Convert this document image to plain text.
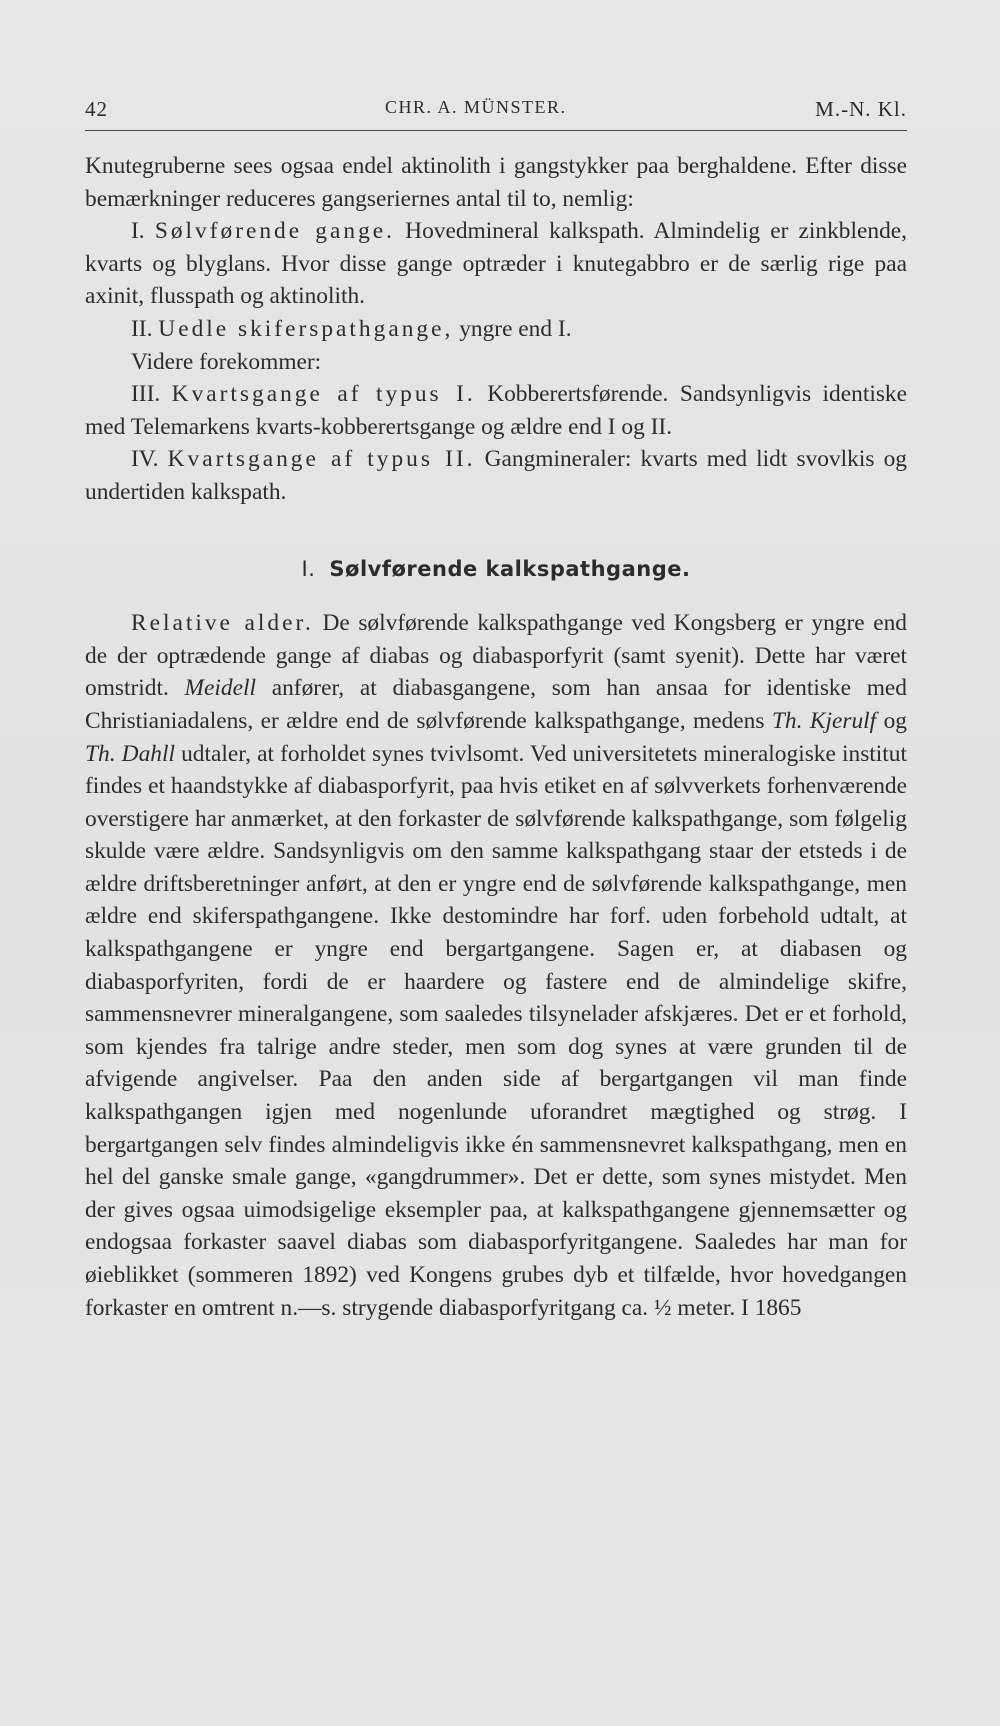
42	CHR. A. MÜNSTER.	M.-N. Kl.

Knutegruberne sees ogsaa endel aktinolith i gangstykker paa berghaldene. Efter disse bemærkninger reduceres gangseriernes antal til to, nemlig:

I. Sølvførende gange. Hovedmineral kalkspath. Almindelig er zinkblende, kvarts og blyglans. Hvor disse gange optræder i knutegabbro er de særlig rige paa axinit, flusspath og aktinolith.

II. Uedle skiferspathgange, yngre end I.

Videre forekommer:

III. Kvartsgange af typus I. Kobberertsførende. Sandsynligvis identiske med Telemarkens kvarts-kobberertsgange og ældre end I og II.

IV. Kvartsgange af typus II. Gangmineraler: kvarts med lidt svovlkis og undertiden kalkspath.

I. Sølvførende kalkspathgange.

Relative alder. De sølvførende kalkspathgange ved Kongsberg er yngre end de der optrædende gange af diabas og diabasporfyrit (samt syenit). Dette har været omstridt. Meidell anfører, at diabasgangene, som han ansaa for identiske med Christianiadalens, er ældre end de sølvførende kalkspathgange, medens Th. Kjerulf og Th. Dahll udtaler, at forholdet synes tvivlsomt. Ved universitetets mineralogiske institut findes et haandstykke af diabasporfyrit, paa hvis etiket en af sølvverkets forhenværende overstigere har anmærket, at den forkaster de sølvførende kalkspathgange, som følgelig skulde være ældre. Sandsynligvis om den samme kalkspathgang staar der etsteds i de ældre driftsberetninger anført, at den er yngre end de sølvførende kalkspathgange, men ældre end skiferspathgangene. Ikke destomindre har forf. uden forbehold udtalt, at kalkspathgangene er yngre end bergartgangene. Sagen er, at diabasen og diabasporfyriten, fordi de er haardere og fastere end de almindelige skifre, sammensnevrer mineralgangene, som saaledes tilsynelader afskjæres. Det er et forhold, som kjendes fra talrige andre steder, men som dog synes at være grunden til de afvigende angivelser. Paa den anden side af bergartgangen vil man finde kalkspathgangen igjen med nogenlunde uforandret mægtighed og strøg. I bergartgangen selv findes almindeligvis ikke én sammensnevret kalkspathgang, men en hel del ganske smale gange, «gangdrummer». Det er dette, som synes mistydet. Men der gives ogsaa uimodsigelige eksempler paa, at kalkspathgangene gjennemsætter og endogsaa forkaster saavel diabas som diabasporfyritgangene. Saaledes har man for øieblikket (sommeren 1892) ved Kongens grubes dyb et tilfælde, hvor hovedgangen forkaster en omtrent n.—s. strygende diabasporfyritgang ca. ½ meter. I 1865
